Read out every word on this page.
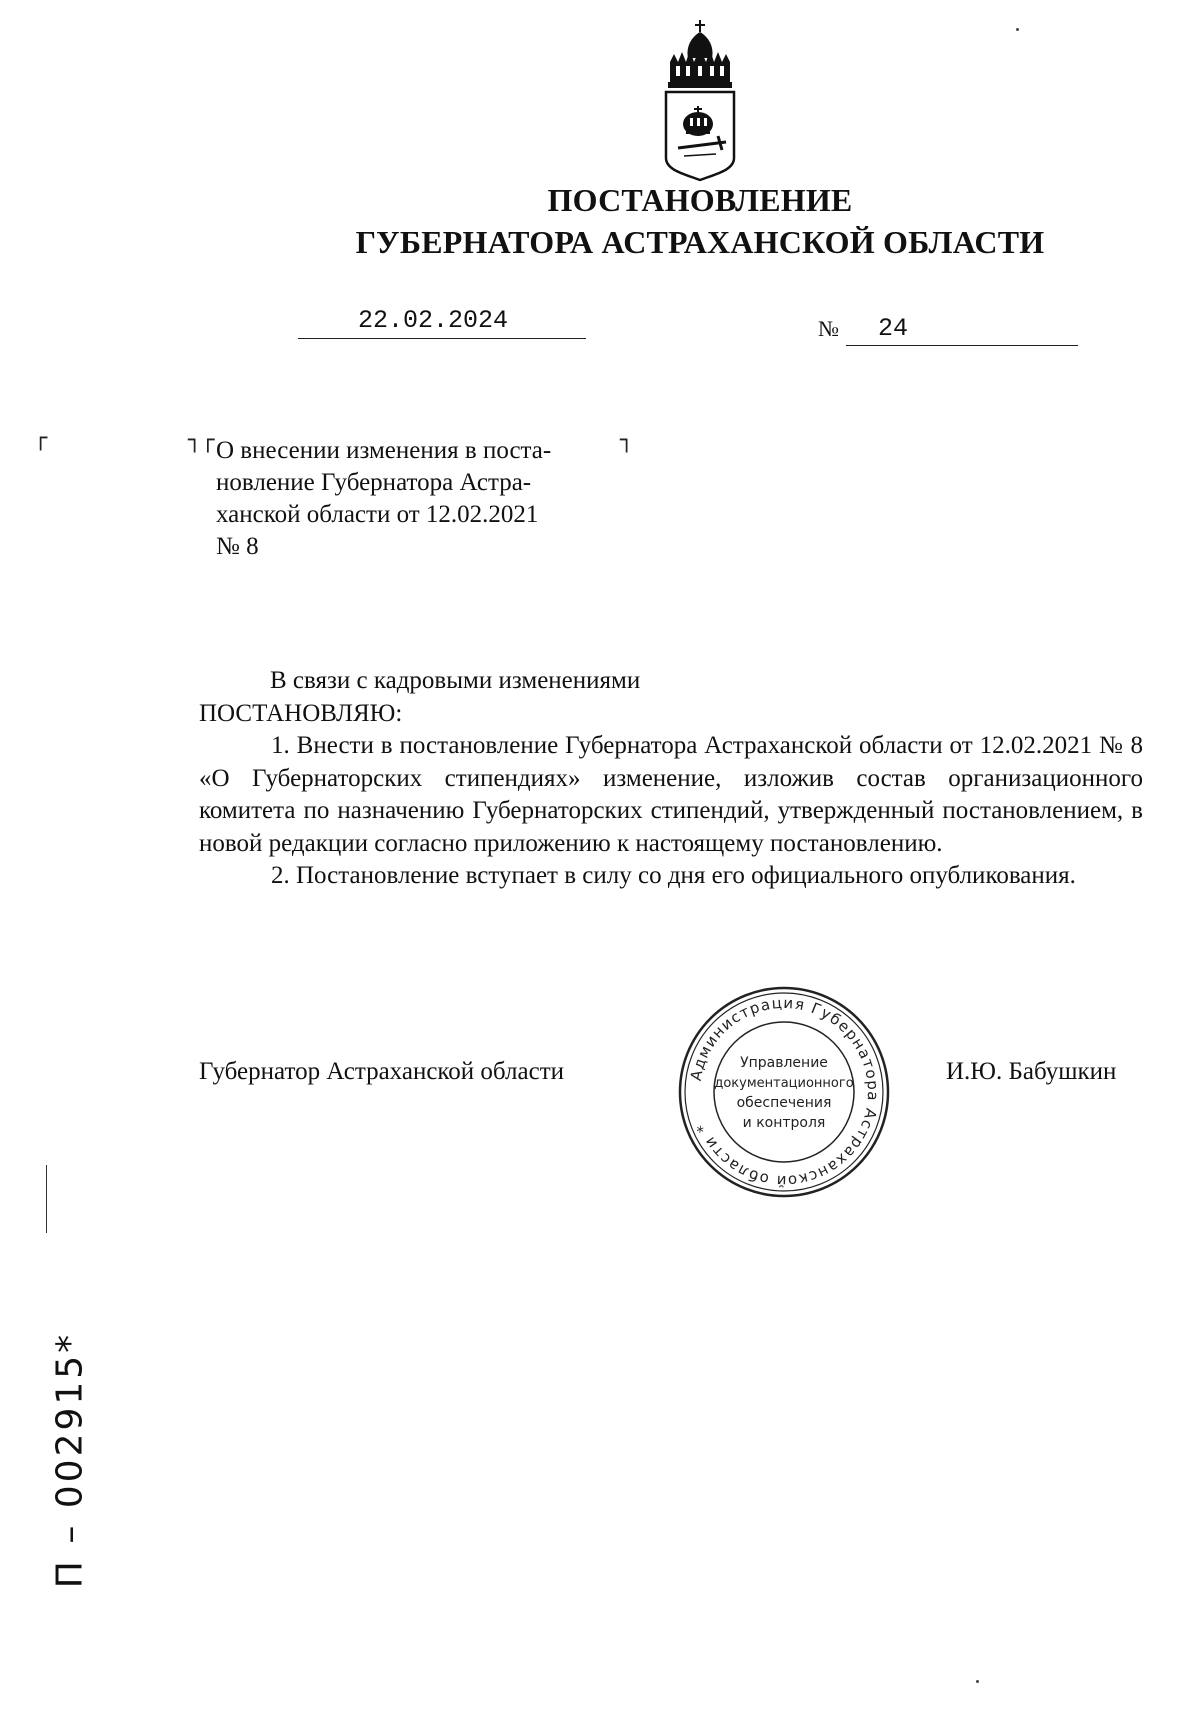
ПОСТАНОВЛЕНИЕ
ГУБЕРНАТОРА АСТРАХАНСКОЙ ОБЛАСТИ
22.02.2024	№ 24
┌	┐┌	┐
О внесении изменения в поста-
новление Губернатора Астра-
ханской области от 12.02.2021
№ 8
В связи с кадровыми изменениями
ПОСТАНОВЛЯЮ:

1. Внести в постановление Губернатора Астраханской области от 12.02.2021 № 8 «О Губернаторских стипендиях» изменение, изложив состав организационного комитета по назначению Губернаторских стипендий, утвержденный постановлением, в новой редакции согласно приложению к настоящему постановлению.

2. Постановление вступает в силу со дня его официального опубликования.

Губернатор Астраханской области	И.Ю. Бабушкин
Администрация Губернатора Астраханской области *
Управление
документационного
обеспечения
и контроля
П – 002915*
